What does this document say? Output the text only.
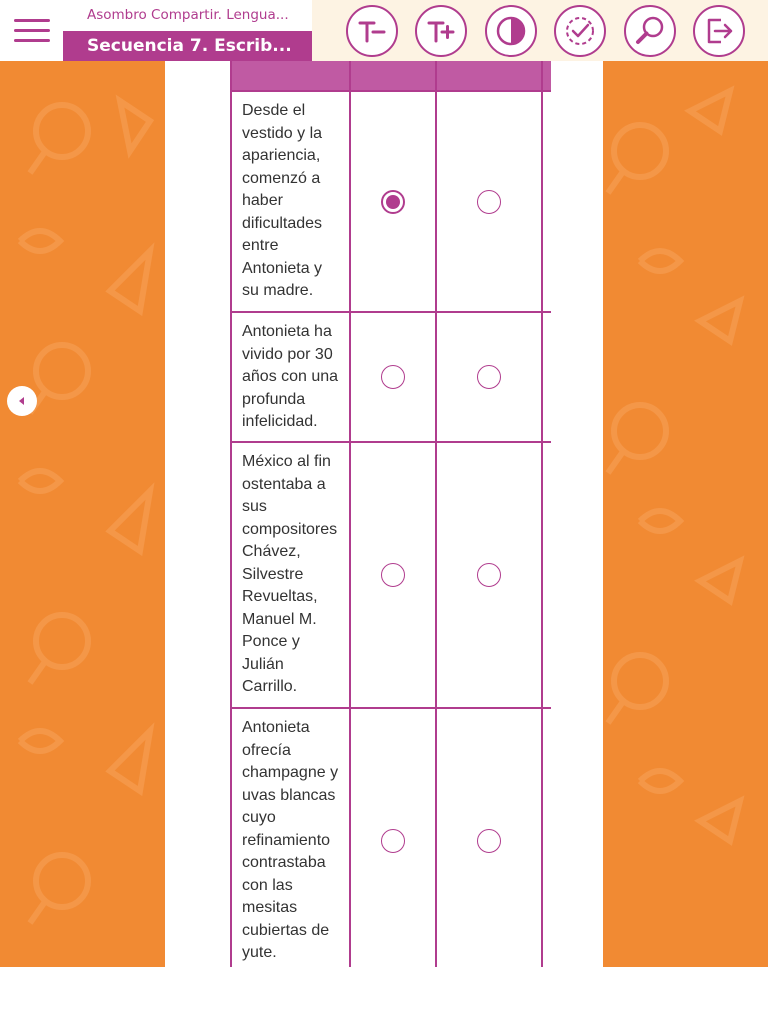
Asombro Compartir. Lengua...
Secuencia 7. Escrib...
Desde el vestido y la apariencia, comenzó a haber dificultades entre Antonieta y su madre.
Antonieta ha vivido por 30 años con una profunda infelicidad.
México al fin ostentaba a sus compositores Chávez, Silvestre Revueltas, Manuel M. Ponce y Julián Carrillo.
Antonieta ofrecía champagne y uvas blancas cuyo refinamiento contrastaba con las mesitas cubiertas de yute.
